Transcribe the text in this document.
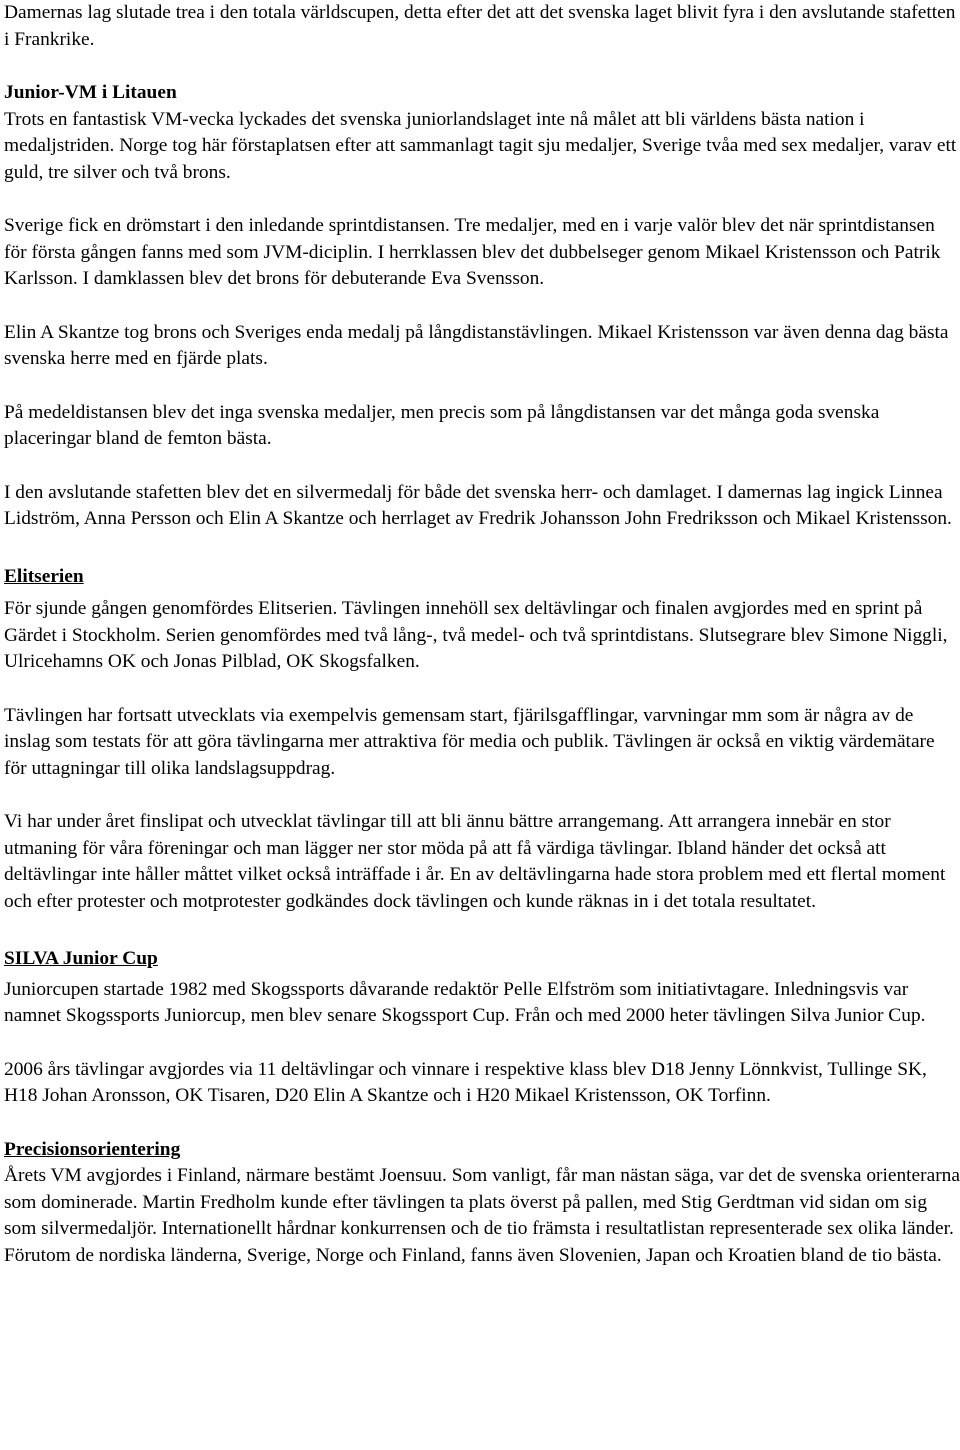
Damernas lag slutade trea i den totala världscupen, detta efter det att det svenska laget blivit fyra i den avslutande stafetten i Frankrike.

Junior-VM i Litauen

Trots en fantastisk VM-vecka lyckades det svenska juniorlandslaget inte nå målet att bli världens bästa nation i medaljstriden. Norge tog här förstaplatsen efter att sammanlagt tagit sju medaljer, Sverige tvåa med sex medaljer, varav ett guld, tre silver och två brons.

Sverige fick en drömstart i den inledande sprintdistansen. Tre medaljer, med en i varje valör blev det när sprintdistansen för första gången fanns med som JVM-diciplin. I herrklassen blev det dubbelseger genom Mikael Kristensson och Patrik Karlsson. I damklassen blev det brons för debuterande Eva Svensson.

Elin A Skantze tog brons och Sveriges enda medalj på långdistanstävlingen. Mikael Kristensson var även denna dag bästa svenska herre med en fjärde plats.

På medeldistansen blev det inga svenska medaljer, men precis som på långdistansen var det många goda svenska placeringar bland de femton bästa.

I den avslutande stafetten blev det en silvermedalj för både det svenska herr- och damlaget. I damernas lag ingick Linnea Lidström, Anna Persson och Elin A Skantze och herrlaget av Fredrik Johansson John Fredriksson och Mikael Kristensson.

Elitserien

För sjunde gången genomfördes Elitserien. Tävlingen innehöll sex deltävlingar och finalen avgjordes med en sprint på Gärdet i Stockholm. Serien genomfördes med två lång-, två medel- och två sprintdistans. Slutsegrare blev Simone Niggli, Ulricehamns OK och Jonas Pilblad, OK Skogsfalken.

Tävlingen har fortsatt utvecklats via exempelvis gemensam start, fjärilsgafflingar, varvningar mm som är några av de inslag som testats för att göra tävlingarna mer attraktiva för media och publik. Tävlingen är också en viktig värdemätare för uttagningar till olika landslagsuppdrag.

Vi har under året finslipat och utvecklat tävlingar till att bli ännu bättre arrangemang. Att arrangera innebär en stor utmaning för våra föreningar och man lägger ner stor möda på att få värdiga tävlingar. Ibland händer det också att deltävlingar inte håller måttet vilket också inträffade i år. En av deltävlingarna hade stora problem med ett flertal moment och efter protester och motprotester godkändes dock tävlingen och kunde räknas in i det totala resultatet.

SILVA Junior Cup

Juniorcupen startade 1982 med Skogssports dåvarande redaktör Pelle Elfström som initiativtagare. Inledningsvis var namnet Skogssports Juniorcup, men blev senare Skogssport Cup. Från och med 2000 heter tävlingen Silva Junior Cup.

2006 års tävlingar avgjordes via 11 deltävlingar och vinnare i respektive klass blev D18 Jenny Lönnkvist, Tullinge SK, H18 Johan Aronsson, OK Tisaren, D20 Elin A Skantze och i H20 Mikael Kristensson, OK Torfinn.

Precisionsorientering

Årets VM avgjordes i Finland, närmare bestämt Joensuu. Som vanligt, får man nästan säga, var det de svenska orienterarna som dominerade. Martin Fredholm kunde efter tävlingen ta plats överst på pallen, med Stig Gerdtman vid sidan om sig som silvermedaljör. Internationellt hårdnar konkurrensen och de tio främsta i resultatlistan representerade sex olika länder. Förutom de nordiska länderna, Sverige, Norge och Finland, fanns även Slovenien, Japan och Kroatien bland de tio bästa.
